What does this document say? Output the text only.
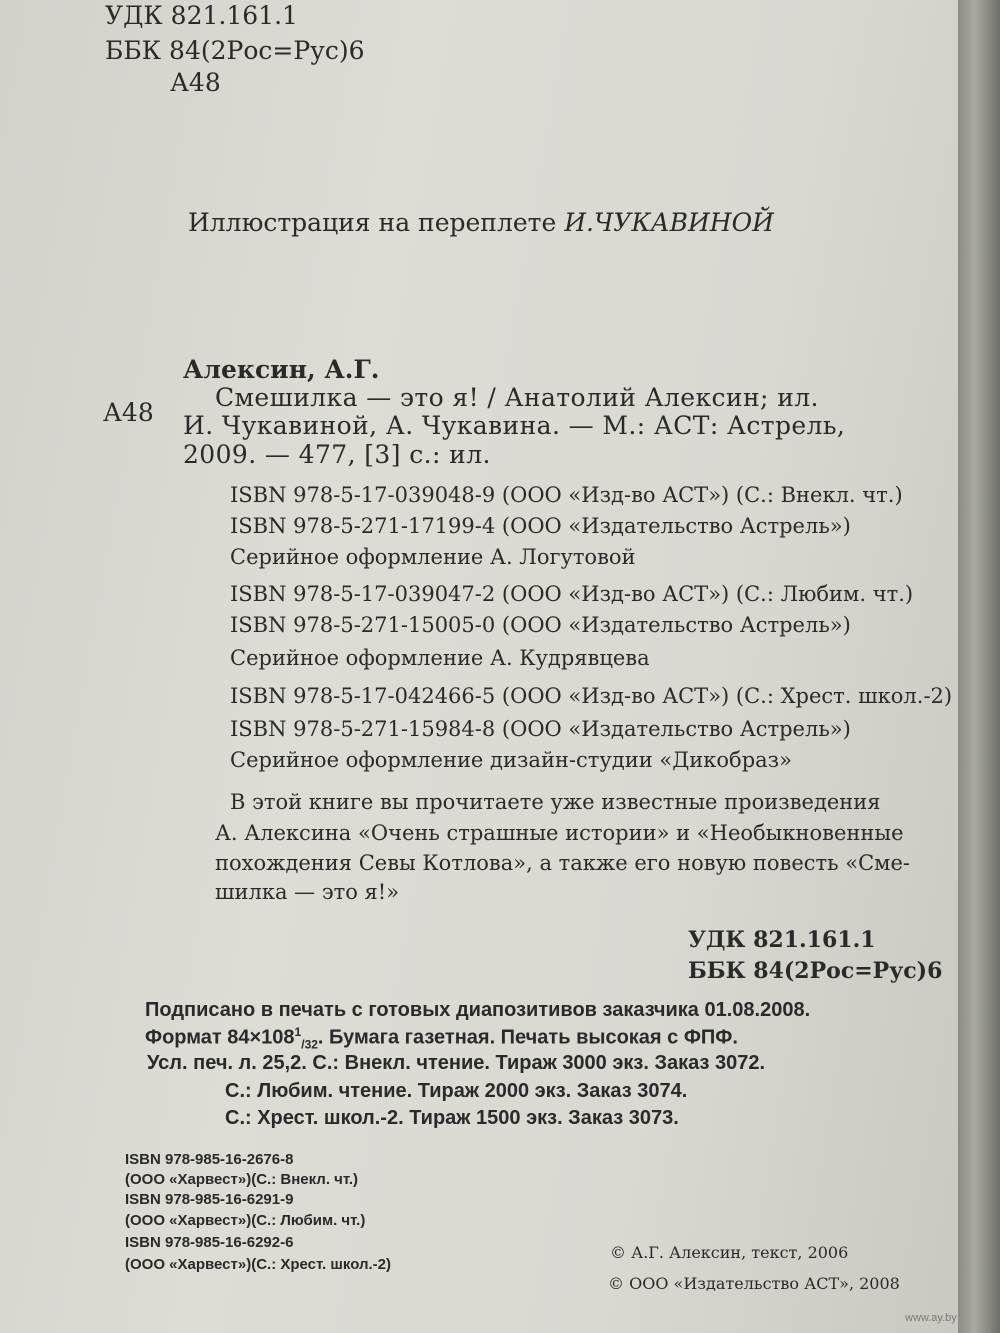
УДК 821.161.1
ББК 84(2Рос=Рус)6
А48
Иллюстрация на переплете И.ЧУКАВИНОЙ
Алексин, А.Г.
А48
Смешилка — это я! / Анатолий Алексин; ил.
И. Чукавиной, А. Чукавина. — М.: АСТ: Астрель,
2009. — 477, [3] с.: ил.
ISBN 978-5-17-039048-9 (ООО «Изд-во АСТ») (С.: Внекл. чт.)
ISBN 978-5-271-17199-4 (ООО «Издательство Астрель»)
Серийное оформление А. Логутовой
ISBN 978-5-17-039047-2 (ООО «Изд-во АСТ») (С.: Любим. чт.)
ISBN 978-5-271-15005-0 (ООО «Издательство Астрель»)
Серийное оформление А. Кудрявцева
ISBN 978-5-17-042466-5 (ООО «Изд-во АСТ») (С.: Хрест. школ.-2)
ISBN 978-5-271-15984-8 (ООО «Издательство Астрель»)
Серийное оформление дизайн-студии «Дикобраз»
В этой книге вы прочитаете уже известные произведения
А. Алексина «Очень страшные истории» и «Необыкновенные
похождения Севы Котлова», а также его новую повесть «Сме-
шилка — это я!»
УДК 821.161.1
ББК 84(2Рос=Рус)6
Подписано в печать с готовых диапозитивов заказчика 01.08.2008.
Формат $84\times 108^1_{/32}$. Бумага газетная. Печать высокая с ФПФ.
Усл. печ. л. 25,2. С.: Внекл. чтение. Тираж 3000 экз. Заказ 3072.
С.: Любим. чтение. Тираж 2000 экз. Заказ 3074.
С.: Хрест. школ.-2. Тираж 1500 экз. Заказ 3073.
ISBN 978-985-16-2676-8
(ООО «Харвест»)(С.: Внекл. чт.)
ISBN 978-985-16-6291-9
(ООО «Харвест»)(С.: Любим. чт.)
ISBN 978-985-16-6292-6
(ООО «Харвест»)(С.: Хрест. школ.-2)
© А.Г. Алексин, текст, 2006
© ООО «Издательство АСТ», 2008
www.ay.by
